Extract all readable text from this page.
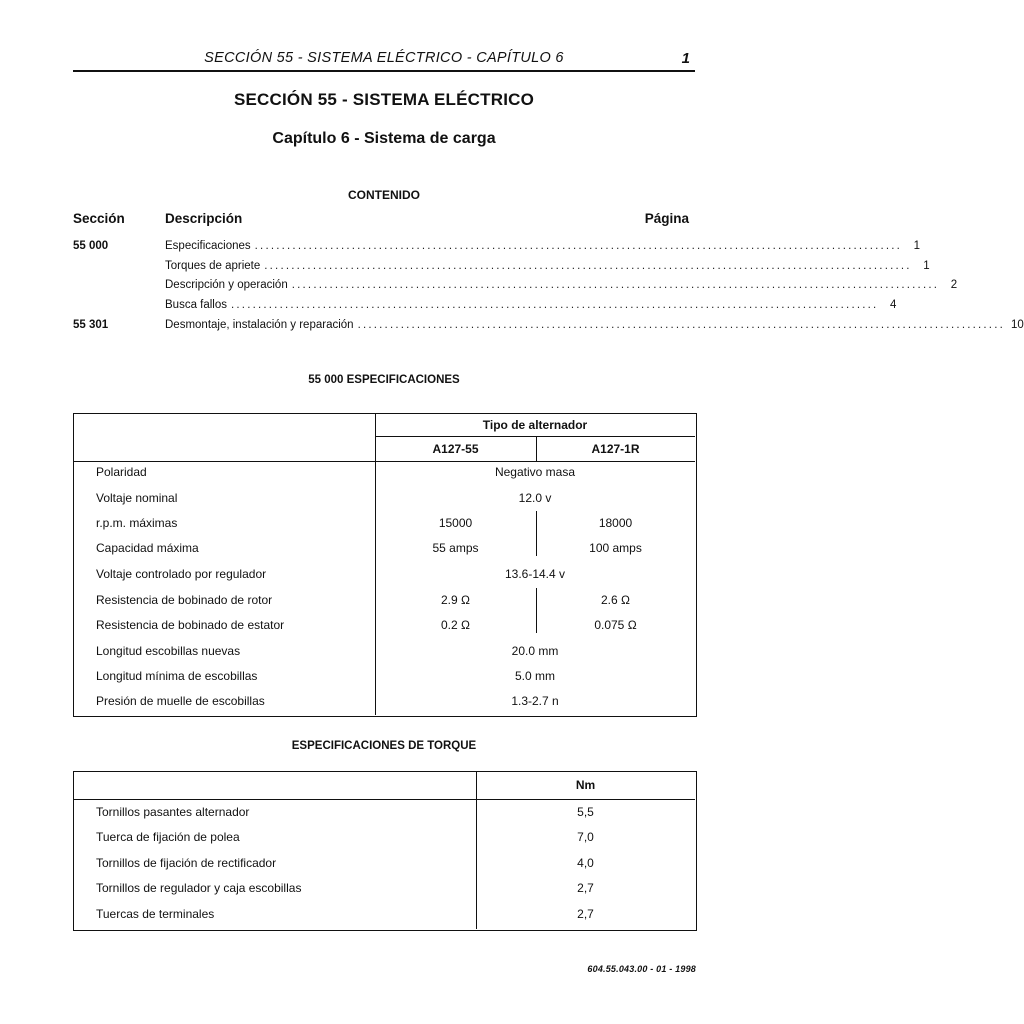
SECCIÓN 55 - SISTEMA ELÉCTRICO - CAPÍTULO 6	1
SECCIÓN 55 - SISTEMA ELÉCTRICO
Capítulo 6 - Sistema de carga
CONTENIDO
Sección	Descripción	Página
55 000	Especificaciones ........................................................................................................................	1
Torques de apriete ........................................................................................................................	1
Descripción y operación ........................................................................................................................	2
Busca fallos ........................................................................................................................	4
55 301	Desmontaje, instalación y reparación ........................................................................................................................ 10
55 000 ESPECIFICACIONES
Tipo de alternador
A127-55	A127-1R
Polaridad	Negativo masa
Voltaje nominal	12.0 v
r.p.m. máximas	15000	18000
Capacidad máxima	55 amps	100 amps
Voltaje controlado por regulador	13.6-14.4 v
Resistencia de bobinado de rotor	2.9 Ω	2.6 Ω
Resistencia de bobinado de estator	0.2 Ω	0.075 Ω
Longitud escobillas nuevas	20.0 mm
Longitud mínima de escobillas	5.0 mm
Presión de muelle de escobillas	1.3-2.7 n
ESPECIFICACIONES DE TORQUE
Nm
Tornillos pasantes alternador	5,5
Tuerca de fijación de polea	7,0
Tornillos de fijación de rectificador	4,0
Tornillos de regulador y caja escobillas	2,7
Tuercas de terminales	2,7
604.55.043.00 - 01 - 1998
